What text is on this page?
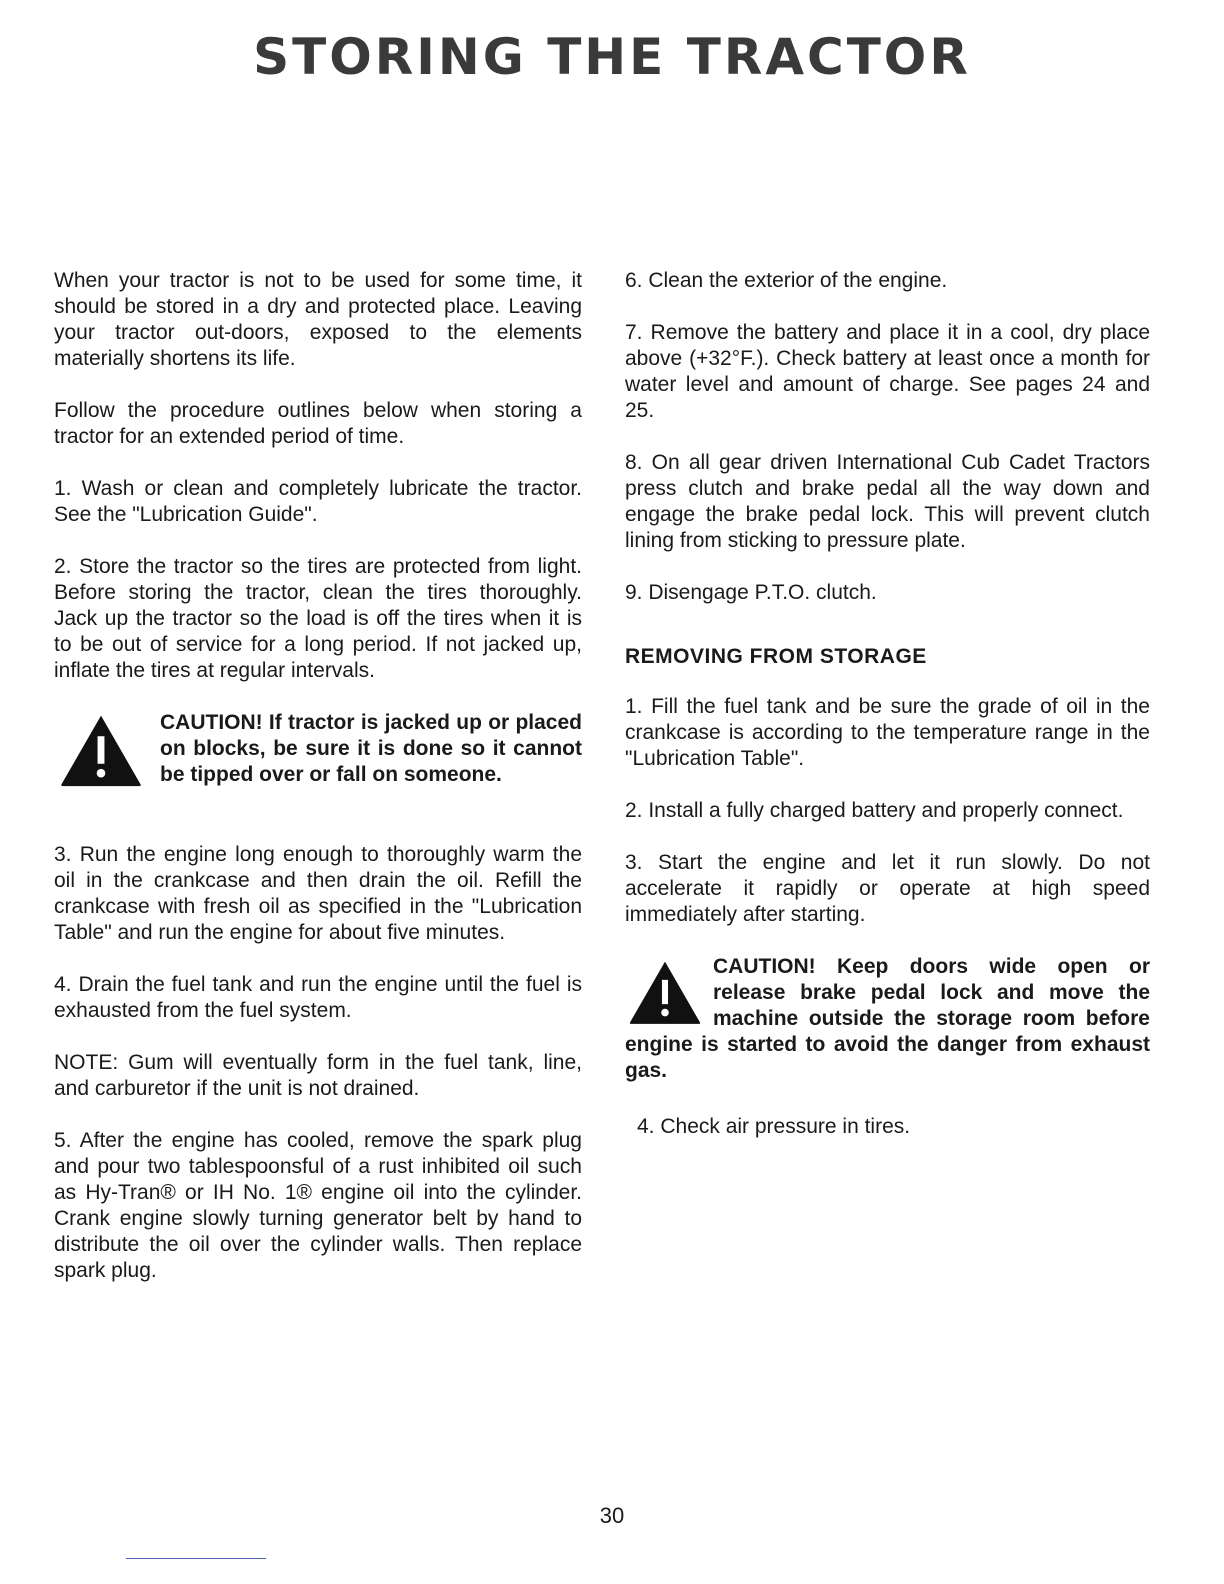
STORING THE TRACTOR

When your tractor is not to be used for some time, it should be stored in a dry and protected place. Leaving your tractor out-doors, exposed to the elements materially shortens its life.

Follow the procedure outlines below when storing a tractor for an extended period of time.

1. Wash or clean and completely lubricate the tractor. See the "Lubrication Guide".

2. Store the tractor so the tires are protected from light. Before storing the tractor, clean the tires thoroughly. Jack up the tractor so the load is off the tires when it is to be out of service for a long period. If not jacked up, inflate the tires at regular intervals.

CAUTION! If tractor is jacked up or placed on blocks, be sure it is done so it cannot be tipped over or fall on someone.

3. Run the engine long enough to thoroughly warm the oil in the crankcase and then drain the oil. Refill the crankcase with fresh oil as specified in the "Lubrication Table" and run the engine for about five minutes.

4. Drain the fuel tank and run the engine until the fuel is exhausted from the fuel system.

NOTE: Gum will eventually form in the fuel tank, line, and carburetor if the unit is not drained.

5. After the engine has cooled, remove the spark plug and pour two tablespoonsful of a rust inhibited oil such as Hy-Tran® or IH No. 1® engine oil into the cylinder. Crank engine slowly turning generator belt by hand to distribute the oil over the cylinder walls. Then replace spark plug.

6. Clean the exterior of the engine.

7. Remove the battery and place it in a cool, dry place above (+32°F.). Check battery at least once a month for water level and amount of charge. See pages 24 and 25.

8. On all gear driven International Cub Cadet Tractors press clutch and brake pedal all the way down and engage the brake pedal lock. This will prevent clutch lining from sticking to pressure plate.

9. Disengage P.T.O. clutch.

REMOVING FROM STORAGE

1. Fill the fuel tank and be sure the grade of oil in the crankcase is according to the temperature range in the "Lubrication Table".

2. Install a fully charged battery and properly connect.

3. Start the engine and let it run slowly. Do not accelerate it rapidly or operate at high speed immediately after starting.

CAUTION! Keep doors wide open or release brake pedal lock and move the machine outside the storage room before engine is started to avoid the danger from exhaust gas.

4. Check air pressure in tires.

30
